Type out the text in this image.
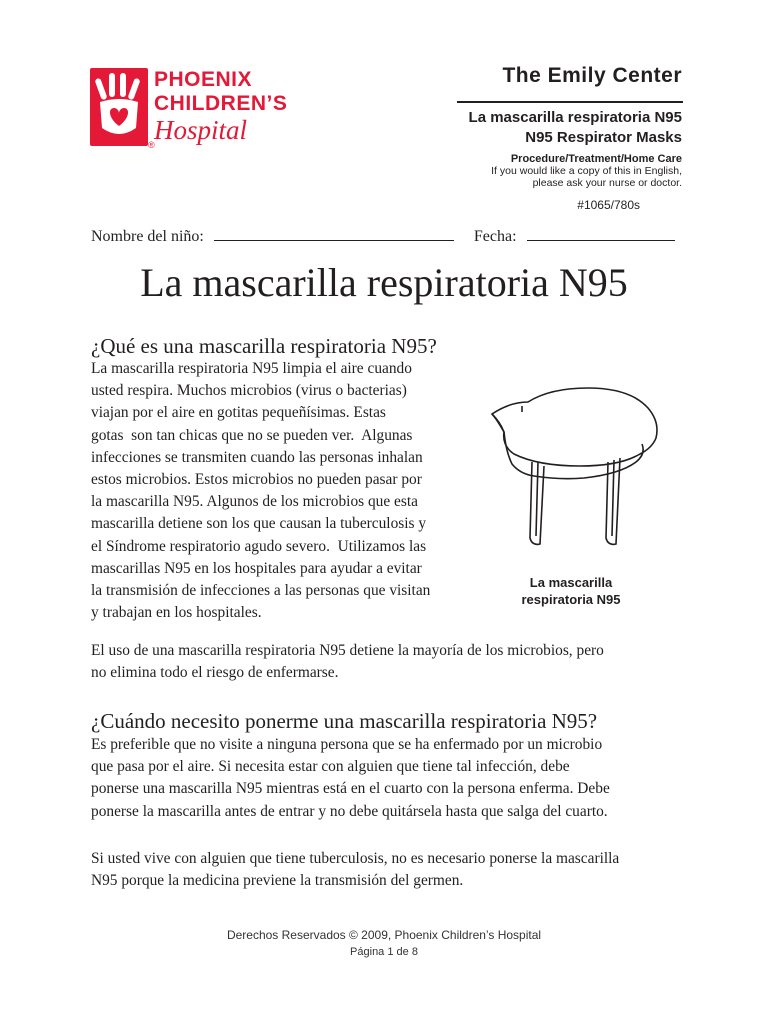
PHOENIX
CHILDREN’S
Hospital
®
The Emily Center
La mascarilla respiratoria N95
N95 Respirator Masks
Procedure/Treatment/Home Care
If you would like a copy of this in English,
please ask your nurse or doctor.
#1065/780s
Nombre del niño:	Fecha:
La mascarilla respiratoria N95
¿Qué es una mascarilla respiratoria N95?
La mascarilla respiratoria N95 limpia el aire cuando
usted respira. Muchos microbios (virus o bacterias)
viajan por el aire en gotitas pequeñísimas. Estas
gotas  son tan chicas que no se pueden ver.  Algunas
infecciones se transmiten cuando las personas inhalan
estos microbios. Estos microbios no pueden pasar por
la mascarilla N95. Algunos de los microbios que esta
mascarilla detiene son los que causan la tuberculosis y
el Síndrome respiratorio agudo severo.  Utilizamos las
mascarillas N95 en los hospitales para ayudar a evitar
la transmisión de infecciones a las personas que visitan
y trabajan en los hospitales.
La mascarilla
respiratoria N95
El uso de una mascarilla respiratoria N95 detiene la mayoría de los microbios, pero
no elimina todo el riesgo de enfermarse.
¿Cuándo necesito ponerme una mascarilla respiratoria N95?
Es preferible que no visite a ninguna persona que se ha enfermado por un microbio
que pasa por el aire. Si necesita estar con alguien que tiene tal infección, debe
ponerse una mascarilla N95 mientras está en el cuarto con la persona enferma. Debe
ponerse la mascarilla antes de entrar y no debe quitársela hasta que salga del cuarto.
Si usted vive con alguien que tiene tuberculosis, no es necesario ponerse la mascarilla
N95 porque la medicina previene la transmisión del germen.
Derechos Reservados © 2009, Phoenix Children’s Hospital
Página 1 de 8
